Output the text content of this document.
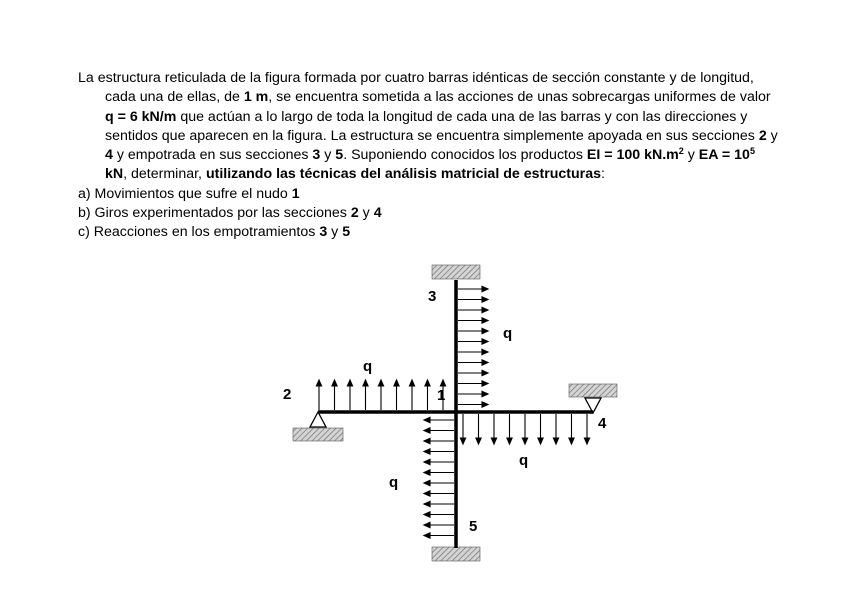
La estructura reticulada de la figura formada por cuatro barras idénticas de sección constante y de longitud, cada una de ellas, de 1 m, se encuentra sometida a las acciones de unas sobrecargas uniformes de valor q = 6 kN/m que actúan a lo largo de toda la longitud de cada una de las barras y con las direcciones y sentidos que aparecen en la figura. La estructura se encuentra simplemente apoyada en sus secciones 2 y 4 y empotrada en sus secciones 3 y 5. Suponiendo conocidos los productos EI = 100 $kN.m^2$ y EA = $10^5$ kN, determinar, utilizando las técnicas del análisis matricial de estructuras:

a) Movimientos que sufre el nudo 1

b) Giros experimentados por las secciones 2 y 4

c) Reacciones en los empotramientos 3 y 5

1
2
3
4
5
q
q
q
q
